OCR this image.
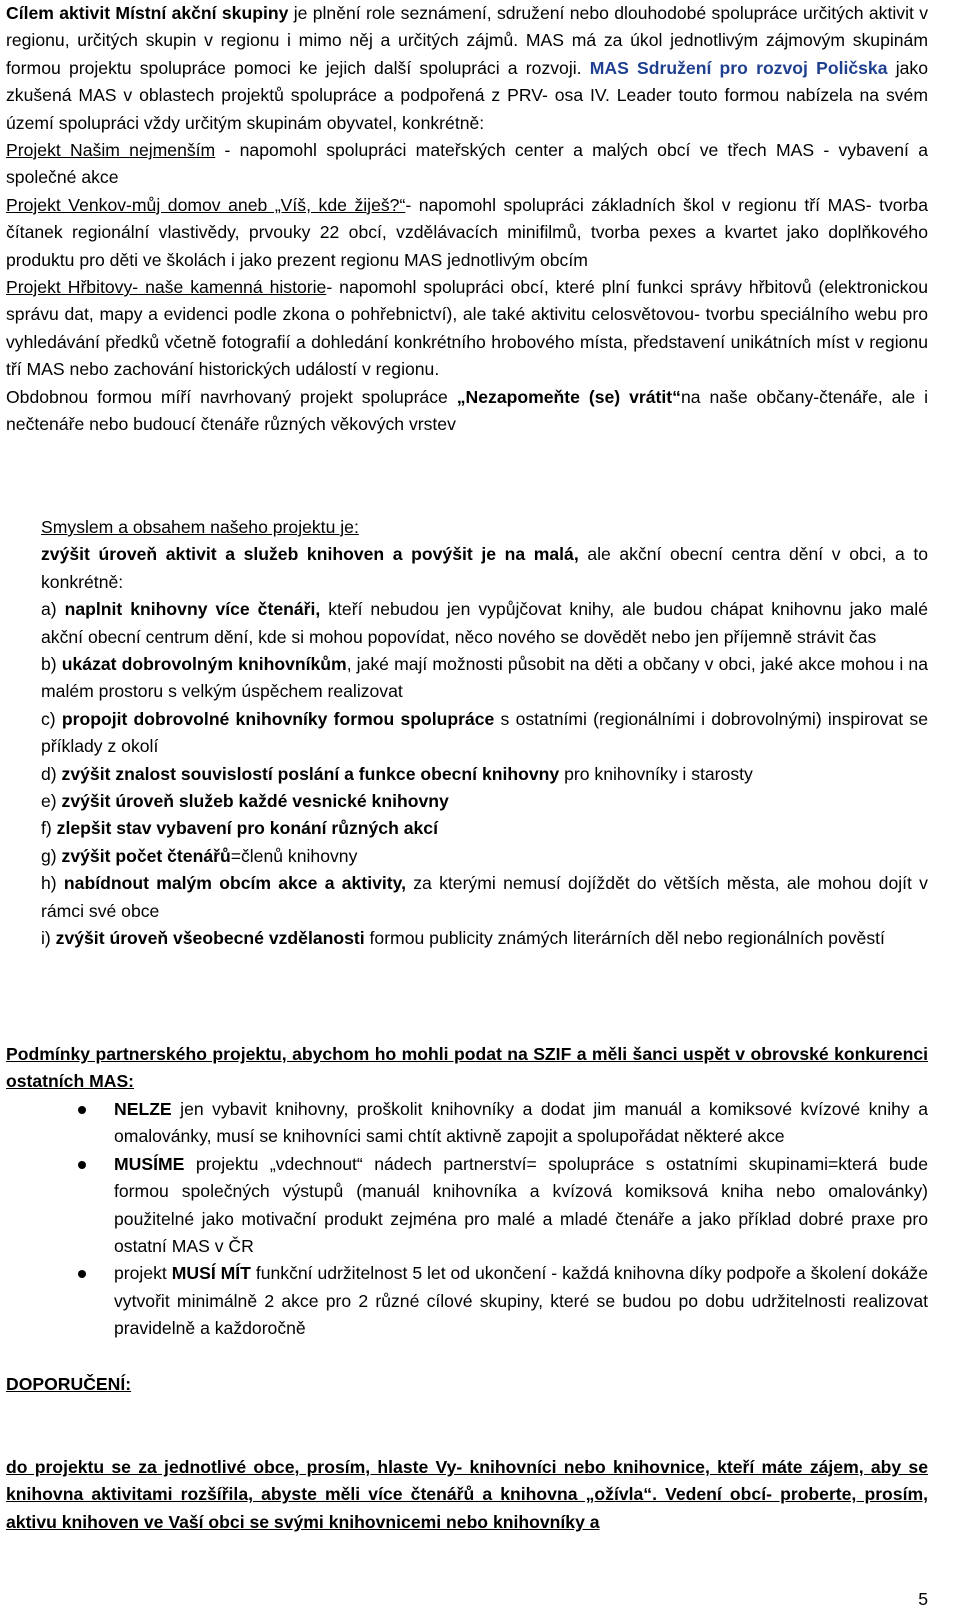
Cílem aktivit Místní akční skupiny je plnění role seznámení, sdružení nebo dlouhodobé spolupráce určitých aktivit v regionu, určitých skupin v regionu i mimo něj a určitých zájmů. MAS má za úkol jednotlivým zájmovým skupinám formou projektu spolupráce pomoci ke jejich další spolupráci a rozvoji. MAS Sdružení pro rozvoj Poličska jako zkušená MAS v oblastech projektů spolupráce a podpořená z PRV- osa IV. Leader touto formou nabízela na svém území spolupráci vždy určitým skupinám obyvatel, konkrétně:

Projekt Našim nejmenším - napomohl spolupráci mateřských center a malých obcí ve třech MAS - vybavení a společné akce

Projekt Venkov-můj domov aneb „Víš, kde žiješ?“- napomohl spolupráci základních škol v regionu tří MAS- tvorba čítanek regionální vlastivědy, prvouky 22 obcí, vzdělávacích minifilmů, tvorba pexes a kvartet jako doplňkového produktu pro děti ve školách i jako prezent regionu MAS jednotlivým obcím

Projekt Hřbitovy- naše kamenná historie- napomohl spolupráci obcí, které plní funkci správy hřbitovů (elektronickou správu dat, mapy a evidenci podle zkona o pohřebnictví), ale také aktivitu celosvětovou- tvorbu speciálního webu pro vyhledávání předků včetně fotografií a dohledání konkrétního hrobového místa, představení unikátních míst v regionu tří MAS nebo zachování historických událostí v regionu.

Obdobnou formou míří navrhovaný projekt spolupráce „Nezapomeňte (se) vrátit“na naše občany-čtenáře, ale i nečtenáře nebo budoucí čtenáře různých věkových vrstev

Smyslem a obsahem našeho projektu je:

zvýšit úroveň aktivit a služeb knihoven a povýšit je na malá, ale akční obecní centra dění v obci, a to konkrétně:

a) naplnit knihovny více čtenáři, kteří nebudou jen vypůjčovat knihy, ale budou chápat knihovnu jako malé akční obecní centrum dění, kde si mohou popovídat, něco nového se dovědět nebo jen příjemně strávit čas

b) ukázat dobrovolným knihovníkům, jaké mají možnosti působit na děti a občany v obci, jaké akce mohou i na malém prostoru s velkým úspěchem realizovat

c) propojit dobrovolné knihovníky formou spolupráce s ostatními (regionálními i dobrovolnými) inspirovat se příklady z okolí

d) zvýšit znalost souvislostí poslání a funkce obecní knihovny pro knihovníky i starosty

e) zvýšit úroveň služeb každé vesnické knihovny

f) zlepšit stav vybavení pro konání různých akcí

g) zvýšit počet čtenářů=členů knihovny

h) nabídnout malým obcím akce a aktivity, za kterými nemusí dojíždět do větších města, ale mohou dojít v rámci své obce

i) zvýšit úroveň všeobecné vzdělanosti formou publicity známých literárních děl nebo regionálních pověstí

Podmínky partnerského projektu, abychom ho mohli podat na SZIF a měli šanci uspět v obrovské konkurenci ostatních MAS:

NELZE jen vybavit knihovny, proškolit knihovníky a dodat jim manuál a komiksové kvízové knihy a omalovánky, musí se knihovníci sami chtít aktivně zapojit a spolupořádat některé akce
MUSÍME projektu „vdechnout“ nádech partnerství= spolupráce s ostatními skupinami=která bude formou společných výstupů (manuál knihovníka a kvízová komiksová kniha nebo omalovánky) použitelné jako motivační produkt zejména pro malé a mladé čtenáře a jako příklad dobré praxe pro ostatní MAS v ČR
projekt MUSÍ MÍT funkční udržitelnost 5 let od ukončení - každá knihovna díky podpoře a školení dokáže vytvořit minimálně 2 akce pro 2 různé cílové skupiny, které se budou po dobu udržitelnosti realizovat pravidelně a každoročně

DOPORUČENÍ:

do projektu se za jednotlivé obce, prosím, hlaste Vy- knihovníci nebo knihovnice, kteří máte zájem, aby se knihovna aktivitami rozšířila, abyste měli více čtenářů a knihovna „ožívla“. Vedení obcí- proberte, prosím, aktivu knihoven ve Vaší obci se svými knihovnicemi nebo knihovníky a

5
